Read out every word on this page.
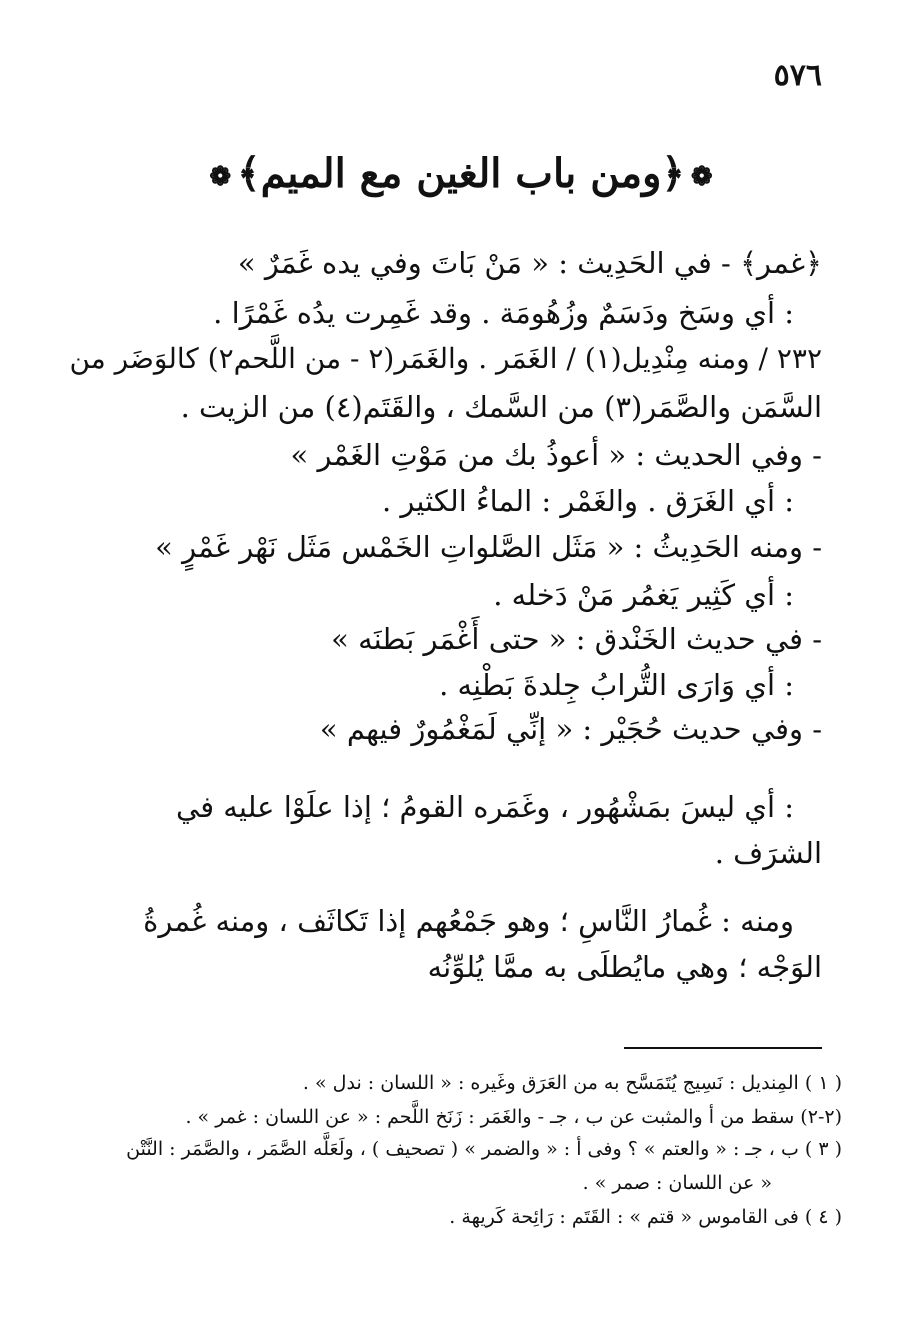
٥٧٦
❁﴿ومن باب الغين مع الميم﴾❁
﴿غمر﴾ - في الحَدِيث : « مَنْ بَاتَ وفي يده غَمَرٌ »
: أي وسَخ ودَسَمٌ وزُهُومَة . وقد غَمِرت يدُه غَمْرًا .
٢٣٢ / ومنه مِنْدِيل(١) / الغَمَر . والغَمَر(٢ - من اللَّحم٢) كالوَضَر من
السَّمَن والصَّمَر(٣) من السَّمك ، والقَتَم(٤) من الزيت .
- وفي الحديث : « أعوذُ بك من مَوْتِ الغَمْر »
: أي الغَرَق . والغَمْر : الماءُ الكثير .
- ومنه الحَدِيثُ : « مَثَل الصَّلواتِ الخَمْس مَثَل نَهْر غَمْرٍ »
: أي كَثِير يَغمُر مَنْ دَخله .
- في حديث الخَنْدق : « حتى أَغْمَر بَطنَه »
: أي وَارَى التُّرابُ جِلدةَ بَطْنِه .
- وفي حديث حُجَيْر : « إنِّي لَمَغْمُورٌ فيهم »
: أي ليسَ بمَشْهُور ، وغَمَره القومُ ؛ إذا علَوْا عليه في
الشرَف .
ومنه : غُمارُ النَّاسِ ؛ وهو جَمْعُهم إذا تَكاثَف ، ومنه غُمرةُ
الوَجْه ؛ وهي مايُطلَى به ممَّا يُلوِّنُه
( ١ ) المِنديل : نَسِيج يُتَمَسَّح به من العَرَق وغَيره : « اللسان : ندل » .
(٢-٢) سقط من أ والمثبت عن ب ، جـ - والغَمَر : زَنَخ اللَّحم : « عن اللسان : غمر » .
( ٣ ) ب ، جـ : « والعتم » ؟ وفى أ : « والضمر » ( تصحيف ) ، ولَعَلَّه الصَّمَر ، والصَّمَر : النَّتْن
« عن اللسان : صمر » .
( ٤ ) فى القاموس « قتم » : القَتَم : رَائِحة كَريهة .
